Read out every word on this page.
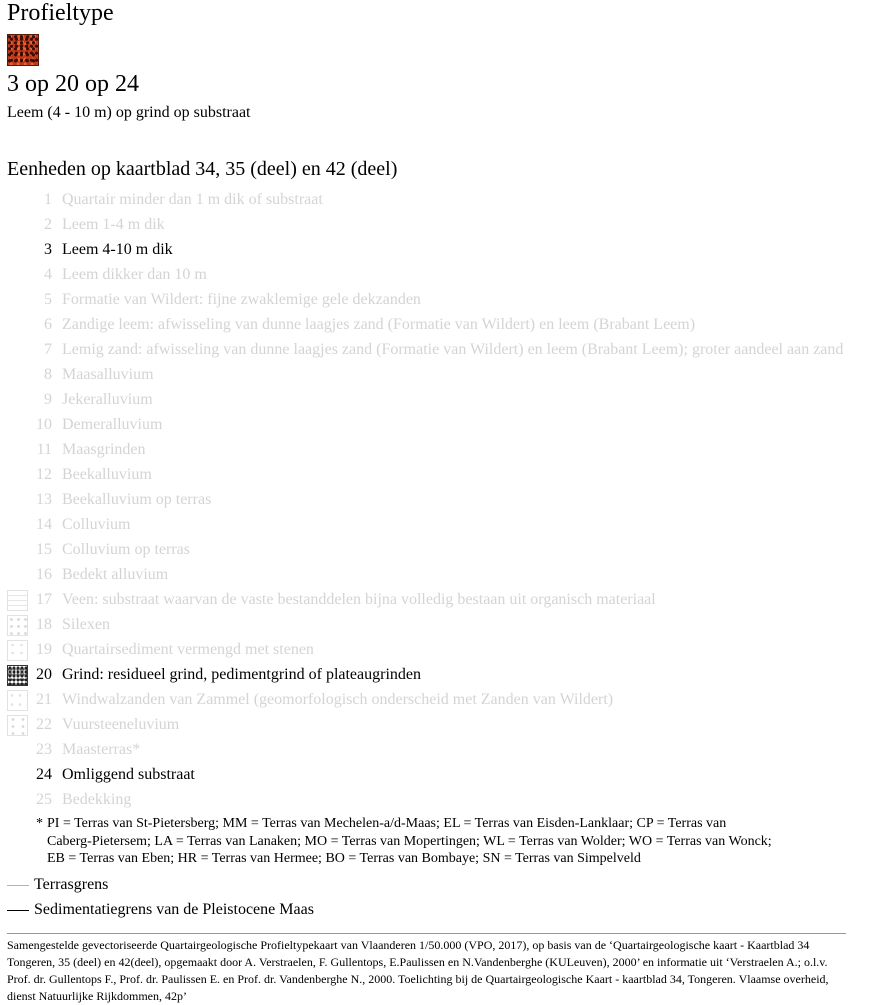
Profieltype
3 op 20 op 24
Leem (4 - 10 m) op grind op substraat
Eenheden op kaartblad 34, 35 (deel) en 42 (deel)
1 Quartair minder dan 1 m dik of substraat
2 Leem 1-4 m dik
3 Leem 4-10 m dik
4 Leem dikker dan 10 m
5 Formatie van Wildert: fijne zwaklemige gele dekzanden
6 Zandige leem: afwisseling van dunne laagjes zand (Formatie van Wildert) en leem (Brabant Leem)
7 Lemig zand: afwisseling van dunne laagjes zand (Formatie van Wildert) en leem (Brabant Leem); groter aandeel aan zand
8 Maasalluvium
9 Jekeralluvium
10 Demeralluvium
11 Maasgrinden
12 Beekalluvium
13 Beekalluvium op terras
14 Colluvium
15 Colluvium op terras
16 Bedekt alluvium
17 Veen: substraat waarvan de vaste bestanddelen bijna volledig bestaan uit organisch materiaal
18 Silexen
19 Quartairsediment vermengd met stenen
20 Grind: residueel grind, pedimentgrind of plateaugrinden
21 Windwalzanden van Zammel (geomorfologisch onderscheid met Zanden van Wildert)
22 Vuursteeneluvium
23 Maasterras*
24 Omliggend substraat
25 Bedekking
* PI = Terras van St-Pietersberg; MM = Terras van Mechelen-a/d-Maas; EL = Terras van Eisden-Lanklaar; CP = Terras van
Caberg-Pietersem; LA = Terras van Lanaken; MO = Terras van Mopertingen; WL = Terras van Wolder; WO = Terras van Wonck;
EB = Terras van Eben; HR = Terras van Hermee; BO = Terras van Bombaye; SN = Terras van Simpelveld
Terrasgrens
Sedimentatiegrens van de Pleistocene Maas
Samengestelde gevectoriseerde Quartairgeologische Profieltypekaart van Vlaanderen 1/50.000 (VPO, 2017), op basis van de ‘Quartairgeologische kaart - Kaartblad 34 Tongeren, 35 (deel) en 42(deel), opgemaakt door A. Verstraelen, F. Gullentops, E.Paulissen en N.Vandenberghe (KULeuven), 2000’ en informatie uit ‘Verstraelen A.; o.l.v. Prof. dr. Gullentops F., Prof. dr. Paulissen E. en Prof. dr. Vandenberghe N., 2000. Toelichting bij de Quartairgeologische Kaart - kaartblad 34, Tongeren. Vlaamse overheid, dienst Natuurlijke Rijkdommen, 42p’
